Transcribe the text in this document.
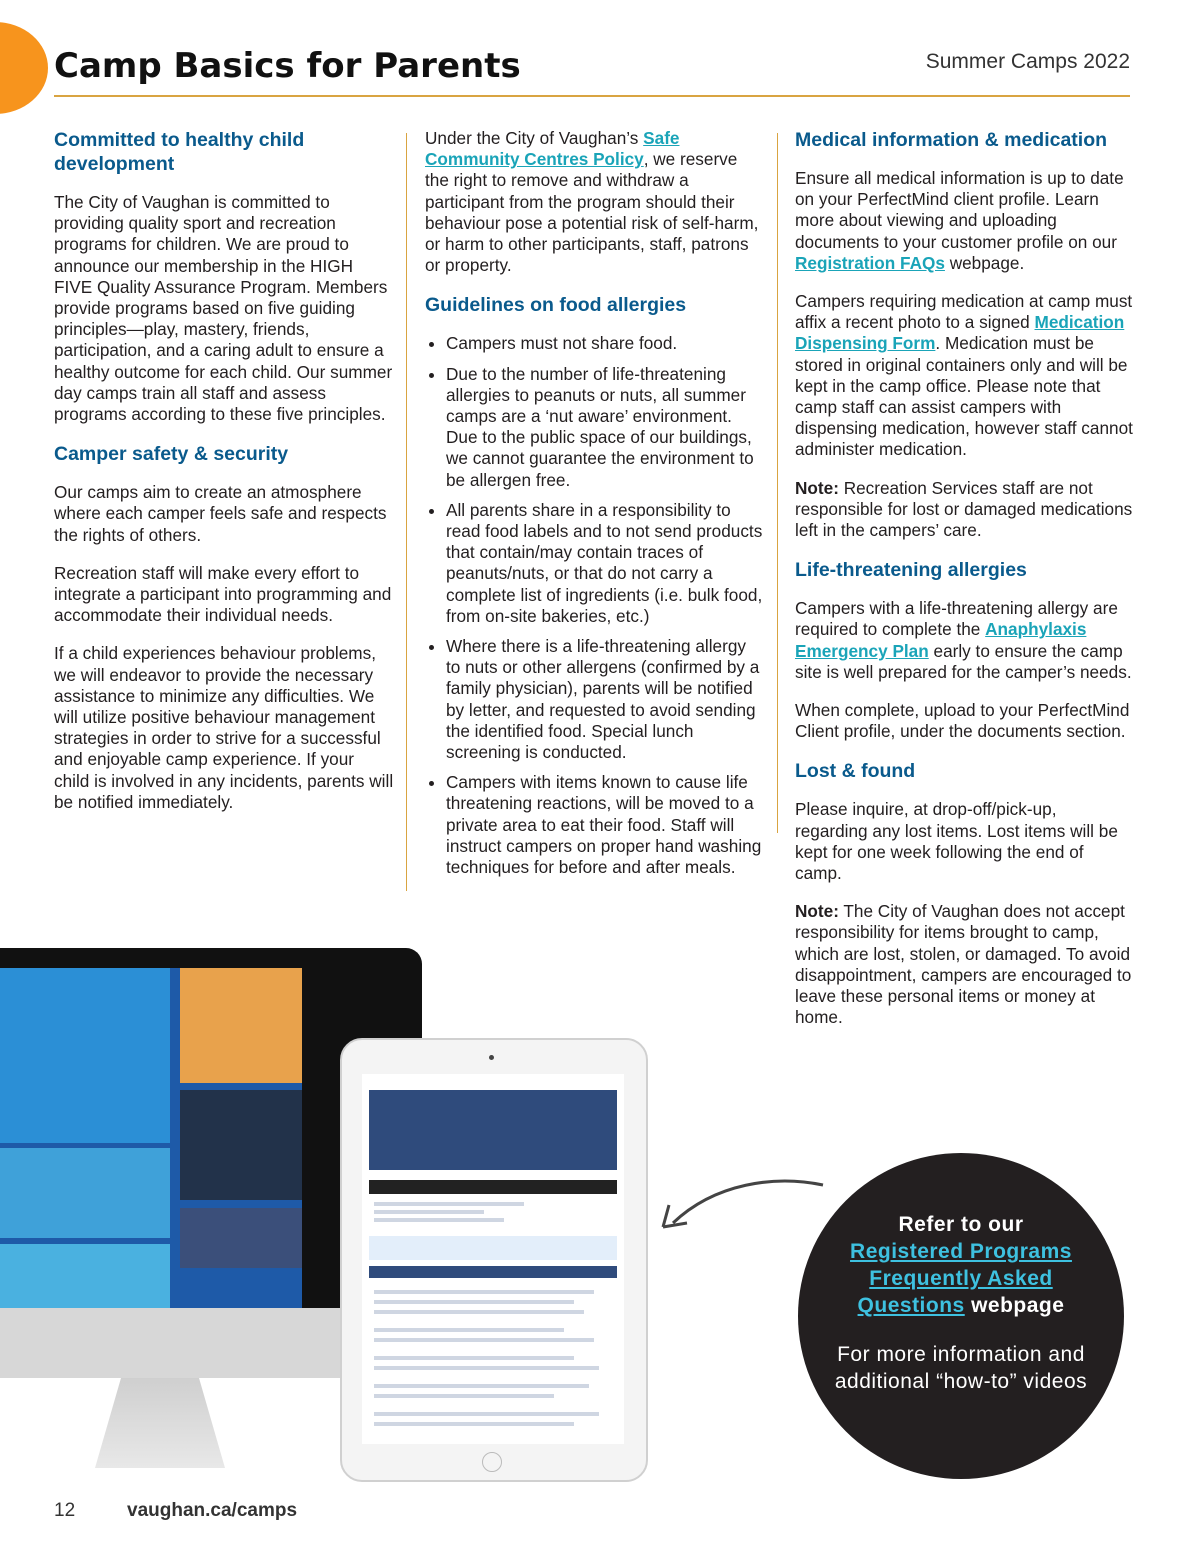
Camp Basics for Parents	Summer Camps 2022
Committed to healthy child development

The City of Vaughan is committed to providing quality sport and recreation programs for children. We are proud to announce our membership in the HIGH FIVE Quality Assurance Program. Members provide programs based on five guiding principles—play, mastery, friends, participation, and a caring adult to ensure a healthy outcome for each child. Our summer day camps train all staff and assess programs according to these five principles.

Camper safety & security

Our camps aim to create an atmosphere where each camper feels safe and respects the rights of others.

Recreation staff will make every effort to integrate a participant into programming and accommodate their individual needs.

If a child experiences behaviour problems, we will endeavor to provide the necessary assistance to minimize any difficulties. We will utilize positive behaviour management strategies in order to strive for a successful and enjoyable camp experience. If your child is involved in any incidents, parents will be notified immediately.

Under the City of Vaughan’s Safe Community Centres Policy, we reserve the right to remove and withdraw a participant from the program should their behaviour pose a potential risk of self-harm, or harm to other participants, staff, patrons or property.

Guidelines on food allergies
• Campers must not share food.
• Due to the number of life-threatening allergies to peanuts or nuts, all summer camps are a ‘nut aware’ environment. Due to the public space of our buildings, we cannot guarantee the environment to be allergen free.
• All parents share in a responsibility to read food labels and to not send products that contain/may contain traces of peanuts/nuts, or that do not carry a complete list of ingredients (i.e. bulk food, from on-site bakeries, etc.)
• Where there is a life-threatening allergy to nuts or other allergens (confirmed by a family physician), parents will be notified by letter, and requested to avoid sending the identified food. Special lunch screening is conducted.
• Campers with items known to cause life threatening reactions, will be moved to a private area to eat their food. Staff will instruct campers on proper hand washing techniques for before and after meals.
Medical information & medication

Ensure all medical information is up to date on your PerfectMind client profile. Learn more about viewing and uploading documents to your customer profile on our Registration FAQs webpage.

Campers requiring medication at camp must affix a recent photo to a signed Medication Dispensing Form. Medication must be stored in original containers only and will be kept in the camp office. Please note that camp staff can assist campers with dispensing medication, however staff cannot administer medication.

Note: Recreation Services staff are not responsible for lost or damaged medications left in the campers’ care.

Life-threatening allergies

Campers with a life-threatening allergy are required to complete the Anaphylaxis Emergency Plan early to ensure the camp site is well prepared for the camper’s needs.

When complete, upload to your PerfectMind Client profile, under the documents section.

Lost & found

Please inquire, at drop-off/pick-up, regarding any lost items. Lost items will be kept for one week following the end of camp.

Note: The City of Vaughan does not accept responsibility for items brought to camp, which are lost, stolen, or damaged. To avoid disappointment, campers are encouraged to leave these personal items or money at home.

Refer to our
Registered Programs Frequently Asked Questions webpage
For more information and additional “how-to” videos
12	vaughan.ca/camps
